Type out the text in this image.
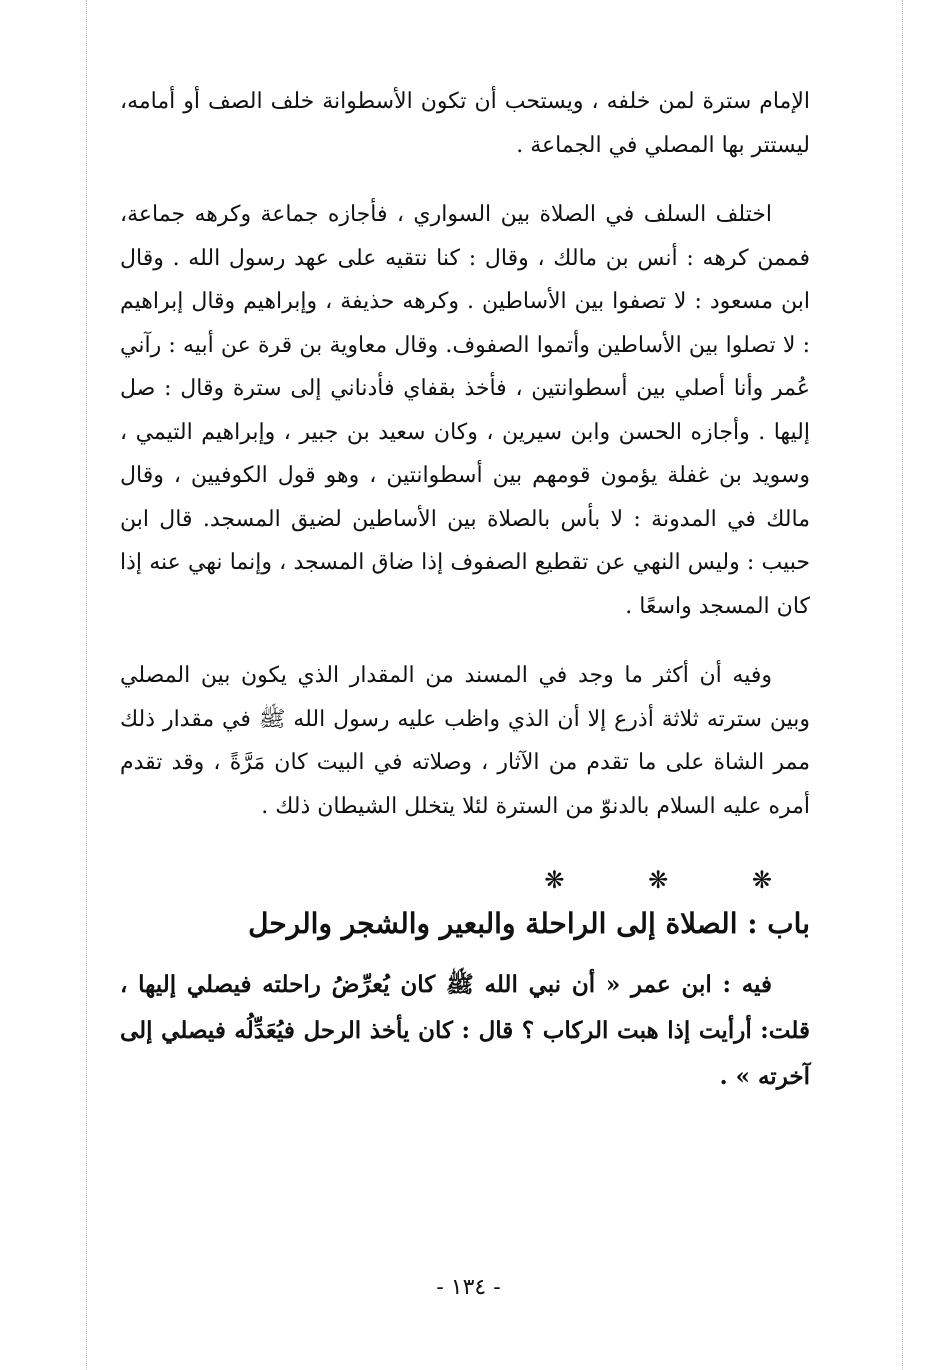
الإمام سترة لمن خلفه ، ويستحب أن تكون الأسطوانة خلف الصف أو أمامه، ليستتر بها المصلي في الجماعة .

اختلف السلف في الصلاة بين السواري ، فأجازه جماعة وكرهه جماعة، فممن كرهه : أنس بن مالك ، وقال : كنا نتقيه على عهد رسول الله . وقال ابن مسعود : لا تصفوا بين الأساطين . وكرهه حذيفة ، وإبراهيم وقال إبراهيم : لا تصلوا بين الأساطين وأتموا الصفوف. وقال معاوية بن قرة عن أبيه : رآني عُمر وأنا أصلي بين أسطوانتين ، فأخذ بقفاي فأدناني إلى سترة وقال : صل إليها . وأجازه الحسن وابن سيرين ، وكان سعيد بن جبير ، وإبراهيم التيمي ، وسويد بن غفلة يؤمون قومهم بين أسطوانتين ، وهو قول الكوفيين ، وقال مالك في المدونة : لا بأس بالصلاة بين الأساطين لضيق المسجد. قال ابن حبيب : وليس النهي عن تقطيع الصفوف إذا ضاق المسجد ، وإنما نهي عنه إذا كان المسجد واسعًا .

وفيه أن أكثر ما وجد في المسند من المقدار الذي يكون بين المصلي وبين سترته ثلاثة أذرع إلا أن الذي واظب عليه رسول الله ﷺ في مقدار ذلك ممر الشاة على ما تقدم من الآثار ، وصلاته في البيت كان مَرَّةً ، وقد تقدم أمره عليه السلام بالدنوّ من السترة لئلا يتخلل الشيطان ذلك .

❋	❋	❋
باب : الصلاة إلى الراحلة والبعير والشجر والرحل

فيه : ابن عمر « أن نبي الله ﷺ كان يُعرِّضُ راحلته فيصلي إليها ، قلت: أرأيت إذا هبت الركاب ؟ قال : كان يأخذ الرحل فيُعَدِّلُه فيصلي إلى آخرته » .

- ١٣٤ -
